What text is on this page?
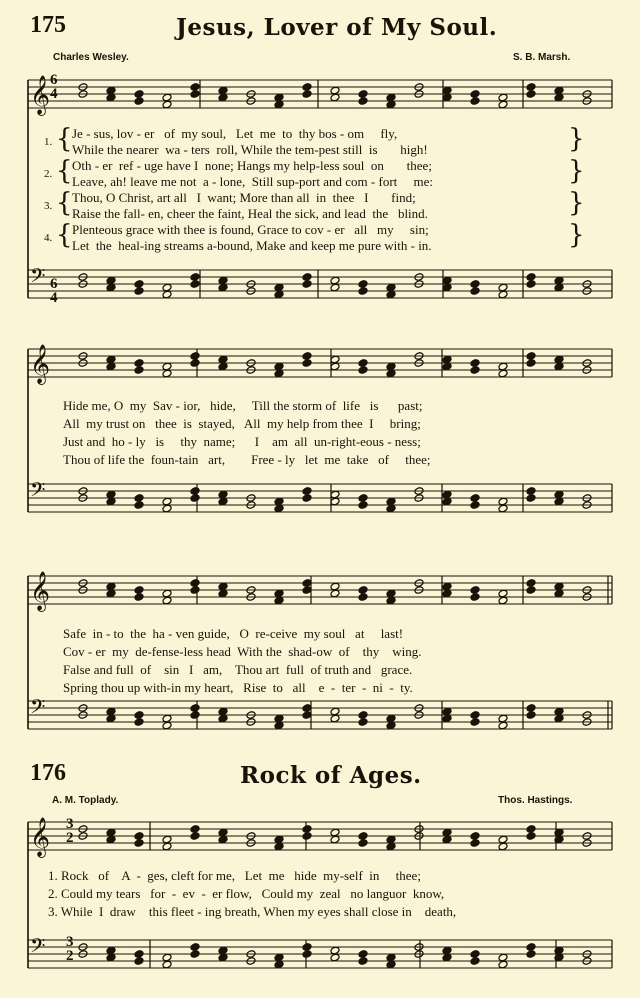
175	Jesus, Lover of My Soul.
Charles Wesley.	S. B. Marsh.
𝄞
𝄢
𝄞
𝄢
𝄞
𝄢
𝄞
𝄢
6
4
6
4
{
{
{
{
}
}
}
}
1.
Je - sus, lov - er   of  my soul,   Let  me  to  thy bos - om     fly,
While the nearer  wa - ters  roll, While the tem-pest still  is       high!
2.
Oth - er  ref - uge have I  none; Hangs my help-less soul  on       thee;
Leave, ah! leave me not  a - lone,  Still sup-port and com - fort     me:
3.
Thou, O Christ, art all   I  want; More than all  in  thee   I       find;
Raise the fall- en, cheer the faint, Heal the sick, and lead  the   blind.
4.
Plenteous grace with thee is found, Grace to cov - er   all   my     sin;
Let  the  heal-ing streams a-bound, Make and keep me pure with - in.
Hide me, O  my  Sav - ior,   hide,     Till the storm of  life   is      past;
All  my trust on   thee  is  stayed,   All  my help from thee  I     bring;
Just and  ho - ly   is     thy  name;      I    am  all  un-right-eous - ness;
Thou of life the  foun-tain   art,        Free - ly   let  me  take   of     thee;
Safe  in - to  the  ha - ven guide,   O  re-ceive  my soul   at     last!
Cov - er  my  de-fense-less head  With the  shad-ow  of    thy    wing.
False and full  of    sin   I   am,    Thou art  full  of truth and   grace.
Spring thou up with-in my heart,   Rise  to   all    e  -  ter  -  ni  -  ty.
176	Rock of Ages.
A. M. Toplady.	Thos. Hastings.
3
2
3
2
1. Rock   of    A  -  ges, cleft for me,   Let  me   hide  my-self  in     thee;
2. Could my tears   for  -  ev  -  er flow,   Could my  zeal   no languor  know,
3. While  I  draw    this fleet - ing breath, When my eyes shall close in    death,
